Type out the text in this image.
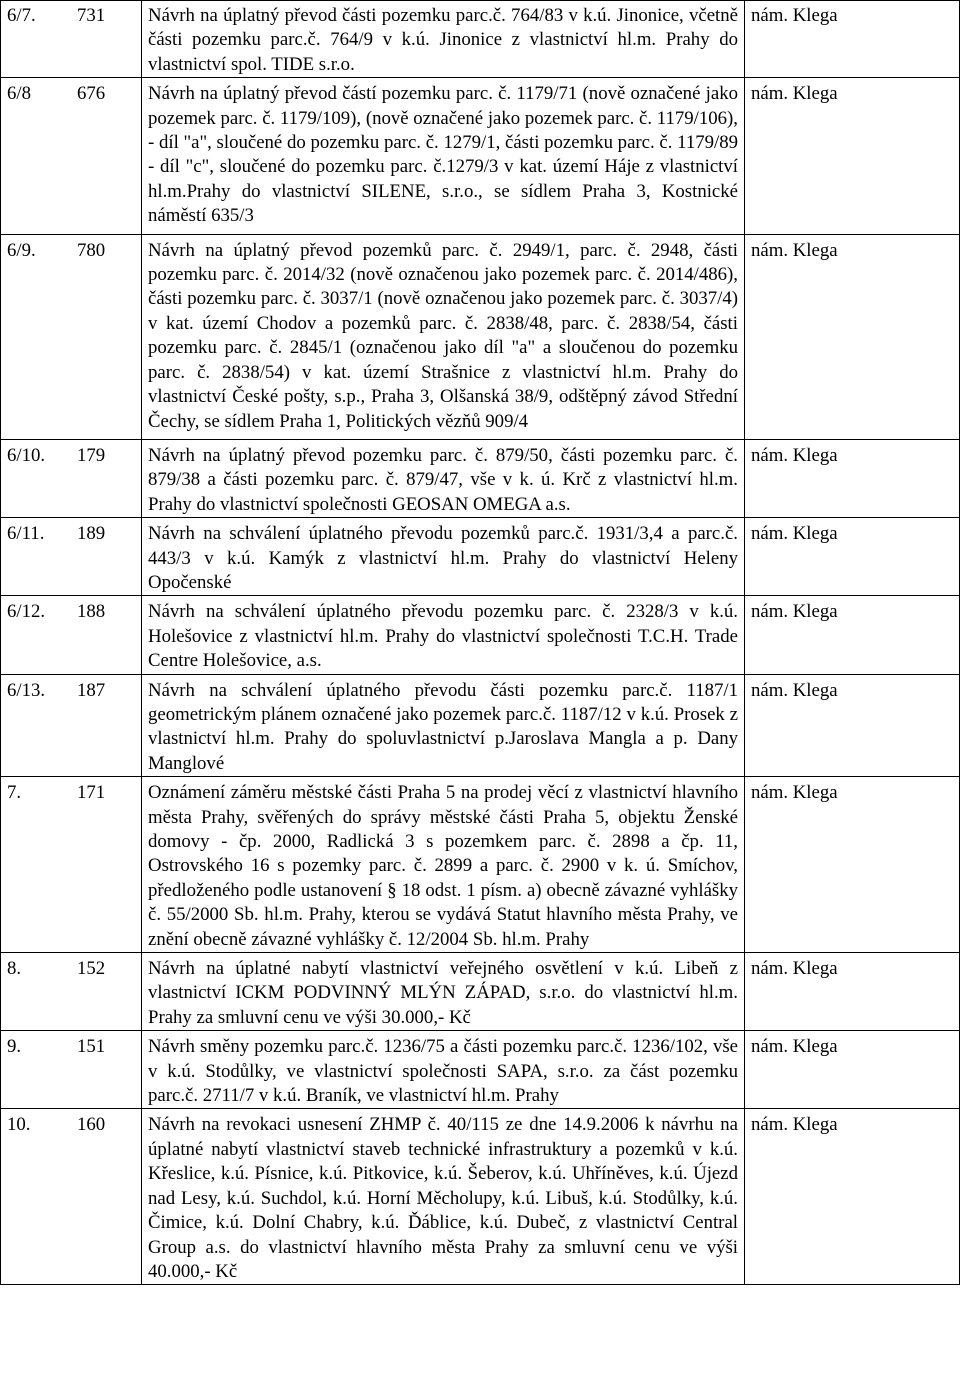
6/7. 731	Návrh na úplatný převod části pozemku parc.č. 764/83 v k.ú. Jinonice, včetně části pozemku parc.č. 764/9 v k.ú. Jinonice z vlastnictví hl.m. Prahy do vlastnictví spol. TIDE s.r.o.	nám. Klega
6/8 676	Návrh na úplatný převod částí pozemku parc. č. 1179/71 (nově označené jako pozemek parc. č. 1179/109), (nově označené jako pozemek parc. č. 1179/106), - díl "a", sloučené do pozemku parc. č. 1279/1, části pozemku parc. č. 1179/89 - díl "c", sloučené do pozemku parc. č.1279/3 v kat. území Háje z vlastnictví hl.m.Prahy do vlastnictví SILENE, s.r.o., se sídlem Praha 3, Kostnické náměstí 635/3	nám. Klega
6/9. 780	Návrh na úplatný převod pozemků parc. č. 2949/1, parc. č. 2948, části pozemku parc. č. 2014/32 (nově označenou jako pozemek parc. č. 2014/486), části pozemku parc. č. 3037/1 (nově označenou jako pozemek parc. č. 3037/4) v kat. území Chodov a pozemků parc. č. 2838/48, parc. č. 2838/54, části pozemku parc. č. 2845/1 (označenou jako díl "a" a sloučenou do pozemku parc. č. 2838/54) v kat. území Strašnice z vlastnictví hl.m. Prahy do vlastnictví České pošty, s.p., Praha 3, Olšanská 38/9, odštěpný závod Střední Čechy, se sídlem Praha 1, Politických vězňů 909/4	nám. Klega
6/10. 179	Návrh na úplatný převod pozemku parc. č. 879/50, části pozemku parc. č. 879/38 a části pozemku parc. č. 879/47, vše v k. ú. Krč z vlastnictví hl.m. Prahy do vlastnictví společnosti GEOSAN OMEGA a.s.	nám. Klega
6/11. 189	Návrh na schválení úplatného převodu pozemků parc.č. 1931/3,4 a parc.č. 443/3 v k.ú. Kamýk z vlastnictví hl.m. Prahy do vlastnictví Heleny Opočenské	nám. Klega
6/12. 188	Návrh na schválení úplatného převodu pozemku parc. č. 2328/3 v k.ú. Holešovice z vlastnictví hl.m. Prahy do vlastnictví společnosti T.C.H. Trade Centre Holešovice, a.s.	nám. Klega
6/13. 187	Návrh na schválení úplatného převodu části pozemku parc.č. 1187/1 geometrickým plánem označené jako pozemek parc.č. 1187/12 v k.ú. Prosek z vlastnictví hl.m. Prahy do spoluvlastnictví p.Jaroslava Mangla a p. Dany Manglové	nám. Klega
7. 171	Oznámení záměru městské části Praha 5 na prodej věcí z vlastnictví hlavního města Prahy, svěřených do správy městské části Praha 5, objektu Ženské domovy - čp. 2000, Radlická 3 s pozemkem parc. č. 2898 a čp. 11, Ostrovského 16 s pozemky parc. č. 2899 a parc. č. 2900 v k. ú. Smíchov, předloženého podle ustanovení § 18 odst. 1 písm. a) obecně závazné vyhlášky č. 55/2000 Sb. hl.m. Prahy, kterou se vydává Statut hlavního města Prahy, ve znění obecně závazné vyhlášky č. 12/2004 Sb. hl.m. Prahy	nám. Klega
8. 152	Návrh na úplatné nabytí vlastnictví veřejného osvětlení v k.ú. Libeň z vlastnictví ICKM PODVINNÝ MLÝN ZÁPAD, s.r.o. do vlastnictví hl.m. Prahy za smluvní cenu ve výši 30.000,- Kč	nám. Klega
9. 151	Návrh směny pozemku parc.č. 1236/75 a části pozemku parc.č. 1236/102, vše v k.ú. Stodůlky, ve vlastnictví společnosti SAPA, s.r.o. za část pozemku parc.č. 2711/7 v k.ú. Braník, ve vlastnictví hl.m. Prahy	nám. Klega
10. 160	Návrh na revokaci usnesení ZHMP č. 40/115 ze dne 14.9.2006 k návrhu na úplatné nabytí vlastnictví staveb technické infrastruktury a pozemků v k.ú. Křeslice, k.ú. Písnice, k.ú. Pitkovice, k.ú. Šeberov, k.ú. Uhříněves, k.ú. Újezd nad Lesy, k.ú. Suchdol, k.ú. Horní Měcholupy, k.ú. Libuš, k.ú. Stodůlky, k.ú. Čimice, k.ú. Dolní Chabry, k.ú. Ďáblice, k.ú. Dubeč, z vlastnictví Central Group a.s. do vlastnictví hlavního města Prahy za smluvní cenu ve výši 40.000,- Kč	nám. Klega
